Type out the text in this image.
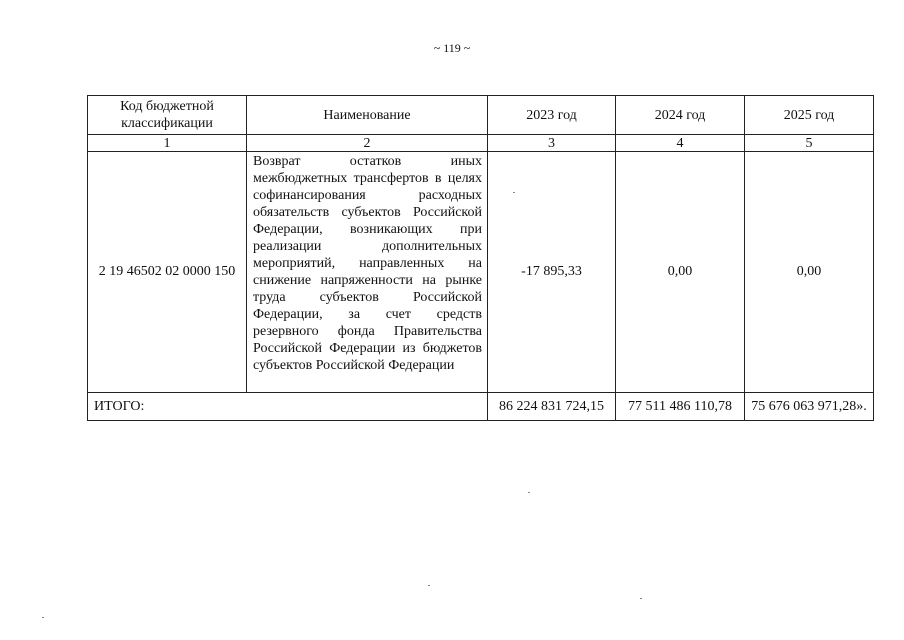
~ 119 ~
Код бюджетной классификации	Наименование	2023 год	2024 год	2025 год
1	2	3	4	5
2 19 46502 02 0000 150	Возврат остатков иных межбюджетных трансфертов в целях софинансирования расходных обязательств субъектов Российской Федерации, возникающих при реализации дополнительных мероприятий, направленных на снижение напряженности на рынке труда субъектов Российской Федерации, за счет средств резервного фонда Правительства Российской Федерации из бюджетов субъектов Российской Федерации	-17 895,33	0,00	0,00
ИТОГО:		86 224 831 724,15	77 511 486 110,78	75 676 063 971,28».
